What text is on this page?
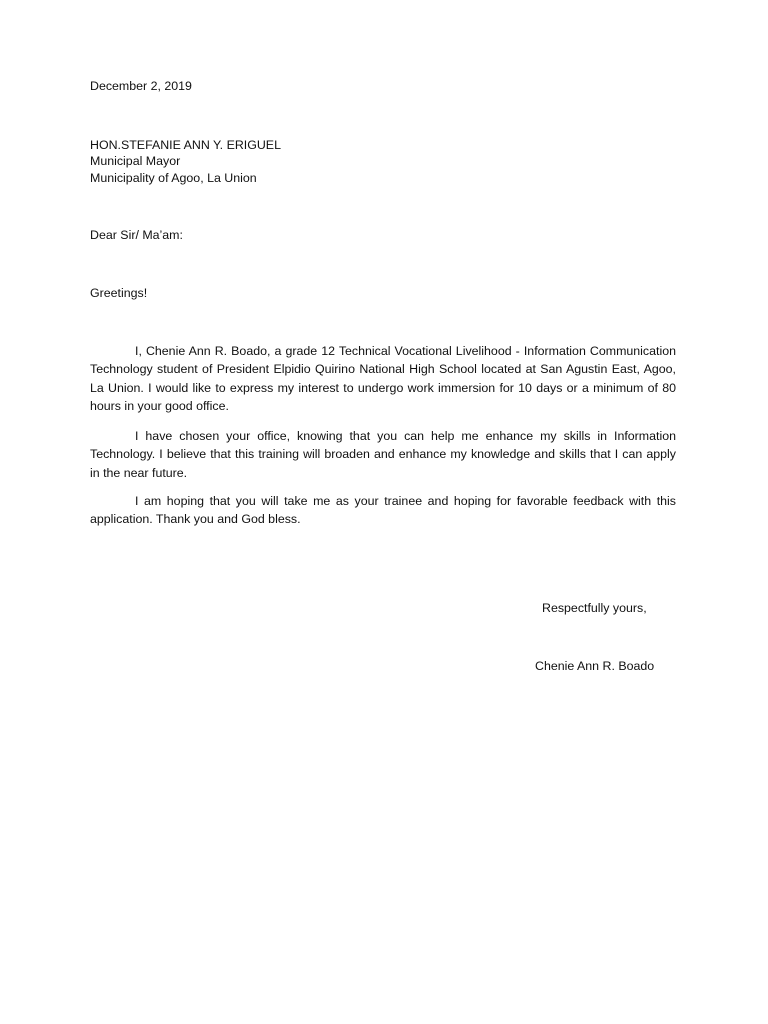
December 2, 2019
HON.STEFANIE ANN Y. ERIGUEL
Municipal Mayor
Municipality of Agoo, La Union
Dear Sir/ Ma’am:
Greetings!

I, Chenie Ann R. Boado, a grade 12 Technical Vocational Livelihood - Information Communication Technology student of President Elpidio Quirino National High School located at San Agustin East, Agoo, La Union. I would like to express my interest to undergo work immersion for 10 days or a minimum of 80 hours in your good office.

I have chosen your office, knowing that you can help me enhance my skills in Information Technology. I believe that this training will broaden and enhance my knowledge and skills that I can apply in the near future.

I am hoping that you will take me as your trainee and hoping for favorable feedback with this application. Thank you and God bless.

Respectfully yours,
Chenie Ann R. Boado
